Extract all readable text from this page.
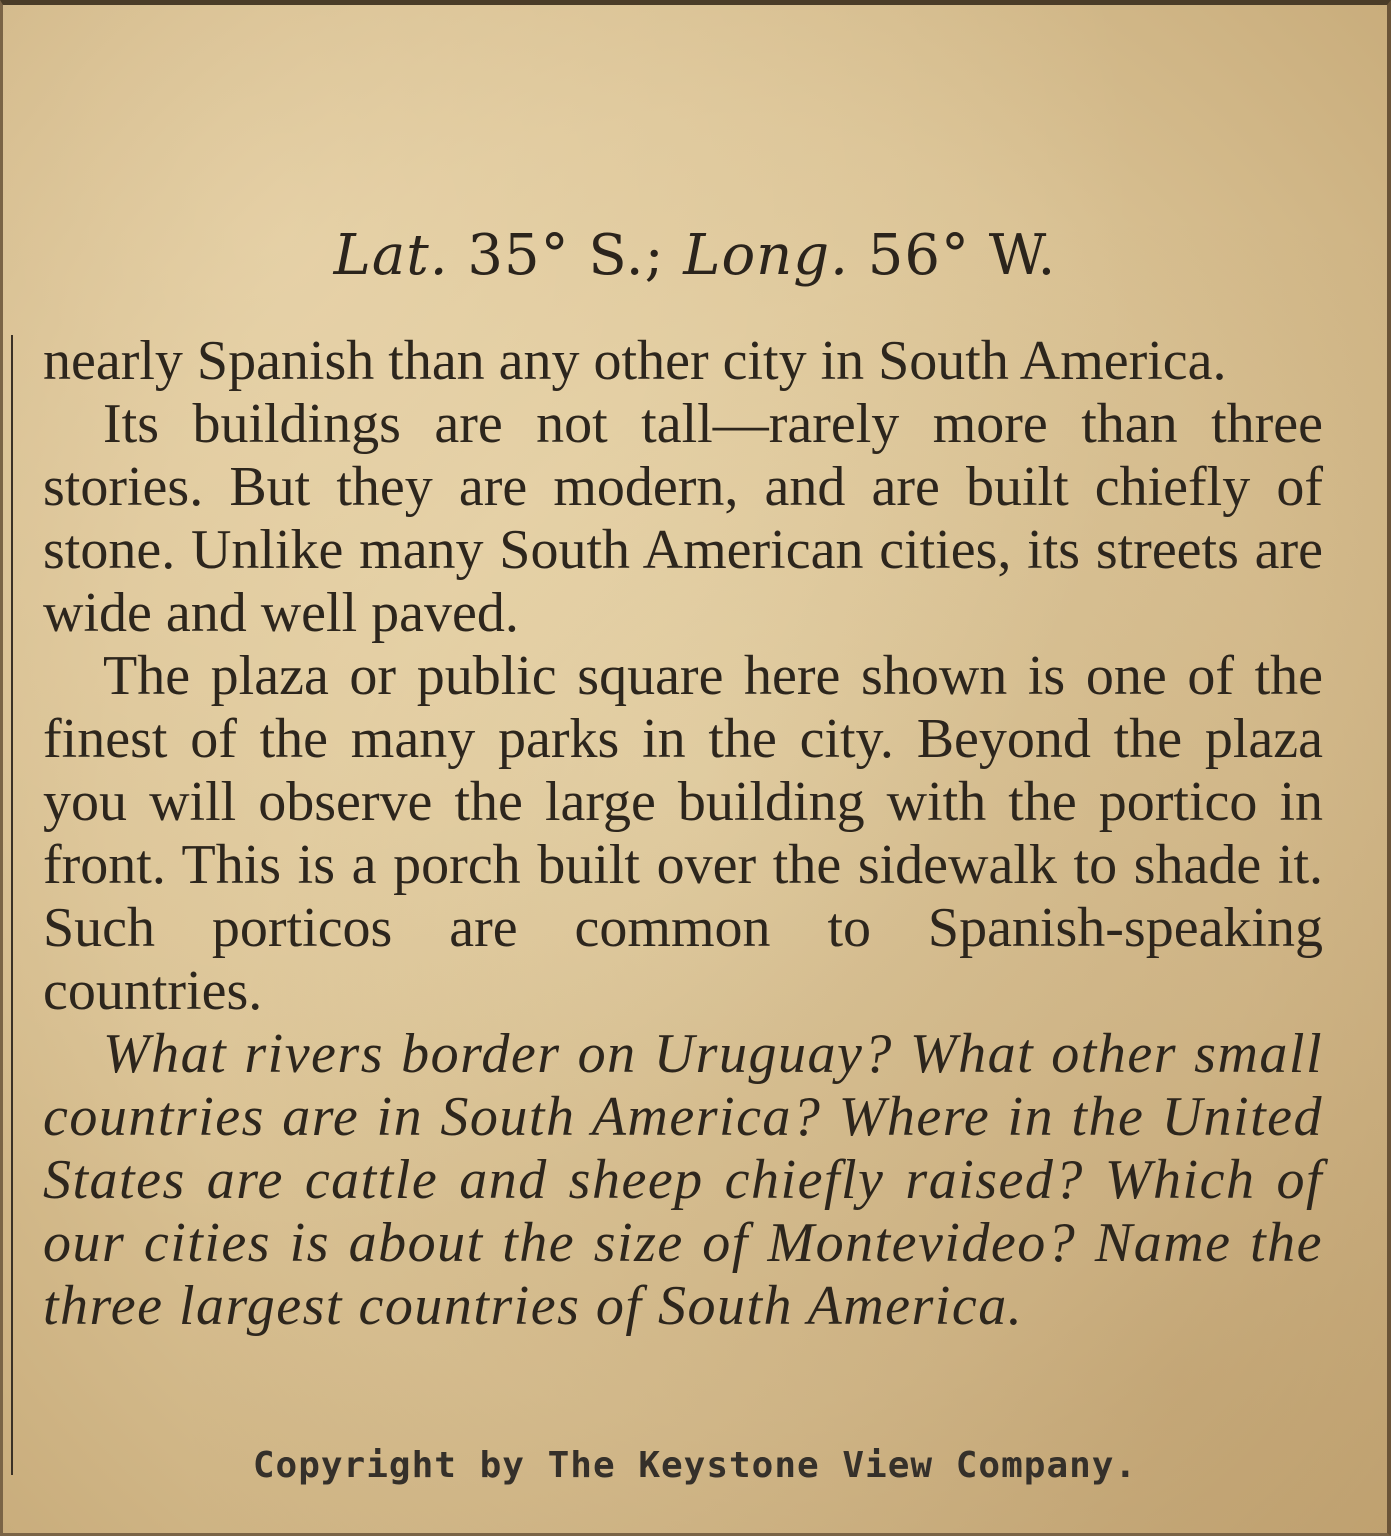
Lat. 35° S.; Long. 56° W.

nearly Spanish than any other city in South America.

Its buildings are not tall—rarely more than three stories. But they are modern, and are built chiefly of stone. Unlike many South American cities, its streets are wide and well paved.

The plaza or public square here shown is one of the finest of the many parks in the city. Beyond the plaza you will observe the large building with the portico in front. This is a porch built over the sidewalk to shade it. Such porticos are common to Spanish-speaking countries.

What rivers border on Uruguay? What other small countries are in South America? Where in the United States are cattle and sheep chiefly raised? Which of our cities is about the size of Montevideo? Name the three largest countries of South America.

Copyright by The Keystone View Company.
